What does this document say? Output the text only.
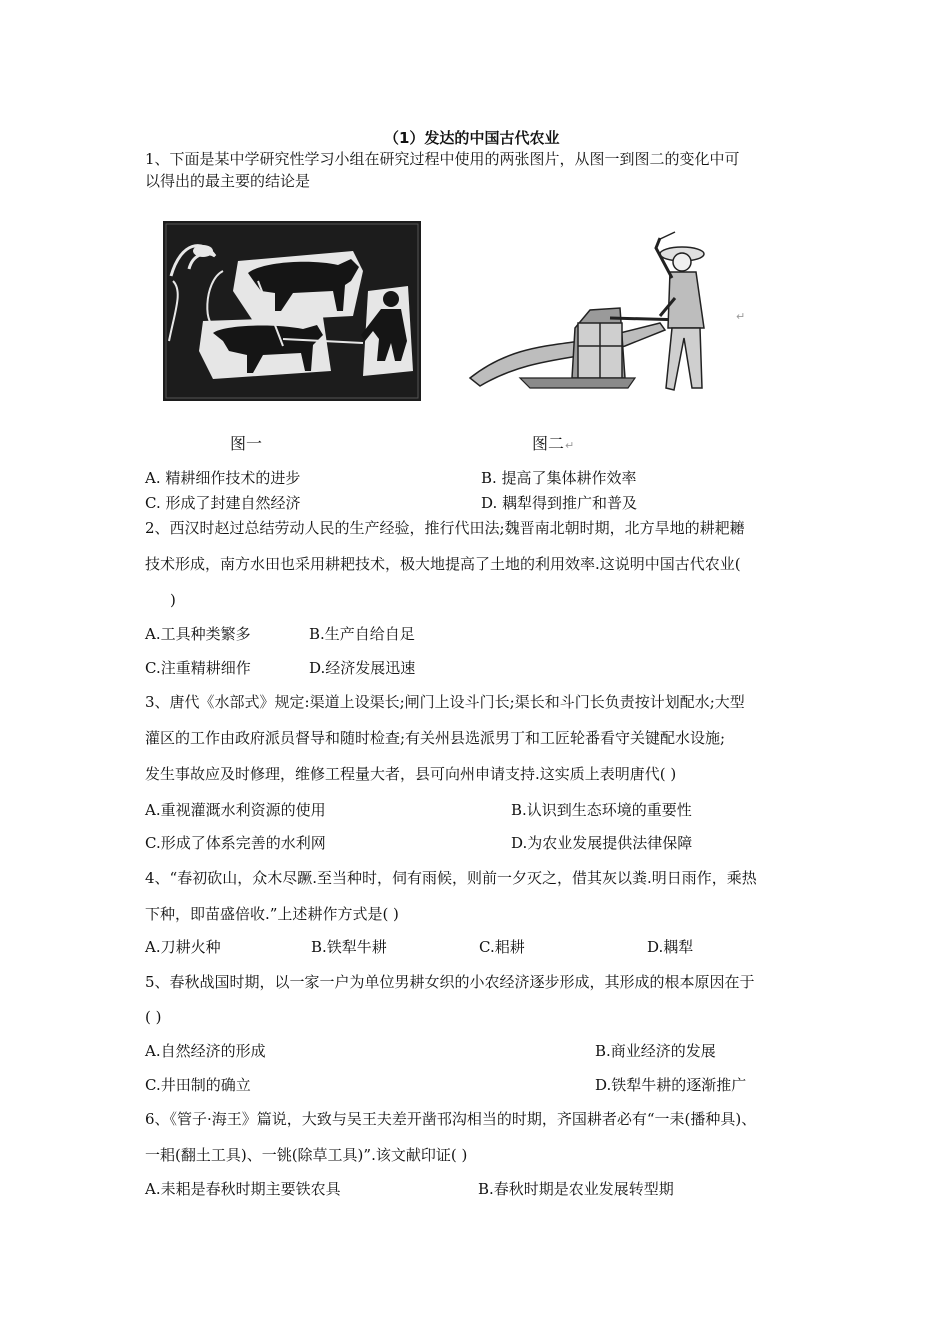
（1）发达的中国古代农业
1、下面是某中学研究性学习小组在研究过程中使用的两张图片，从图一到图二的变化中可
以得出的最主要的结论是
↵
图一	图二↵
A. 精耕细作技术的进步	B. 提高了集体耕作效率
C. 形成了封建自然经济	D. 耦犁得到推广和普及
2、西汉时赵过总结劳动人民的生产经验，推行代田法;魏晋南北朝时期，北方旱地的耕耙耱
技术形成，南方水田也采用耕耙技术，极大地提高了土地的利用效率.这说明中国古代农业(
)
A.工具种类繁多	B.生产自给自足
C.注重精耕细作	D.经济发展迅速
3、唐代《水部式》规定:渠道上设渠长;闸门上设斗门长;渠长和斗门长负责按计划配水;大型
灌区的工作由政府派员督导和随时检查;有关州县选派男丁和工匠轮番看守关键配水设施;
发生事故应及时修理，维修工程量大者，县可向州申请支持.这实质上表明唐代( )
A.重视灌溉水利资源的使用	B.认识到生态环境的重要性
C.形成了体系完善的水利网	D.为农业发展提供法律保障
4、“春初砍山，众木尽蹶.至当种时，伺有雨候，则前一夕灭之，借其灰以粪.明日雨作，乘热
下种，即苗盛倍收.”上述耕作方式是( )
A.刀耕火种	B.铁犁牛耕	C.耜耕	D.耦犁
5、春秋战国时期，以一家一户为单位男耕女织的小农经济逐步形成，其形成的根本原因在于
( )
A.自然经济的形成	B.商业经济的发展
C.井田制的确立	D.铁犁牛耕的逐渐推广
6、《管子·海王》篇说，大致与吴王夫差开凿邗沟相当的时期，齐国耕者必有“一耒(播种具)、
一耜(翻土工具)、一铫(除草工具)”.该文献印证( )
A.耒耜是春秋时期主要铁农具	B.春秋时期是农业发展转型期
